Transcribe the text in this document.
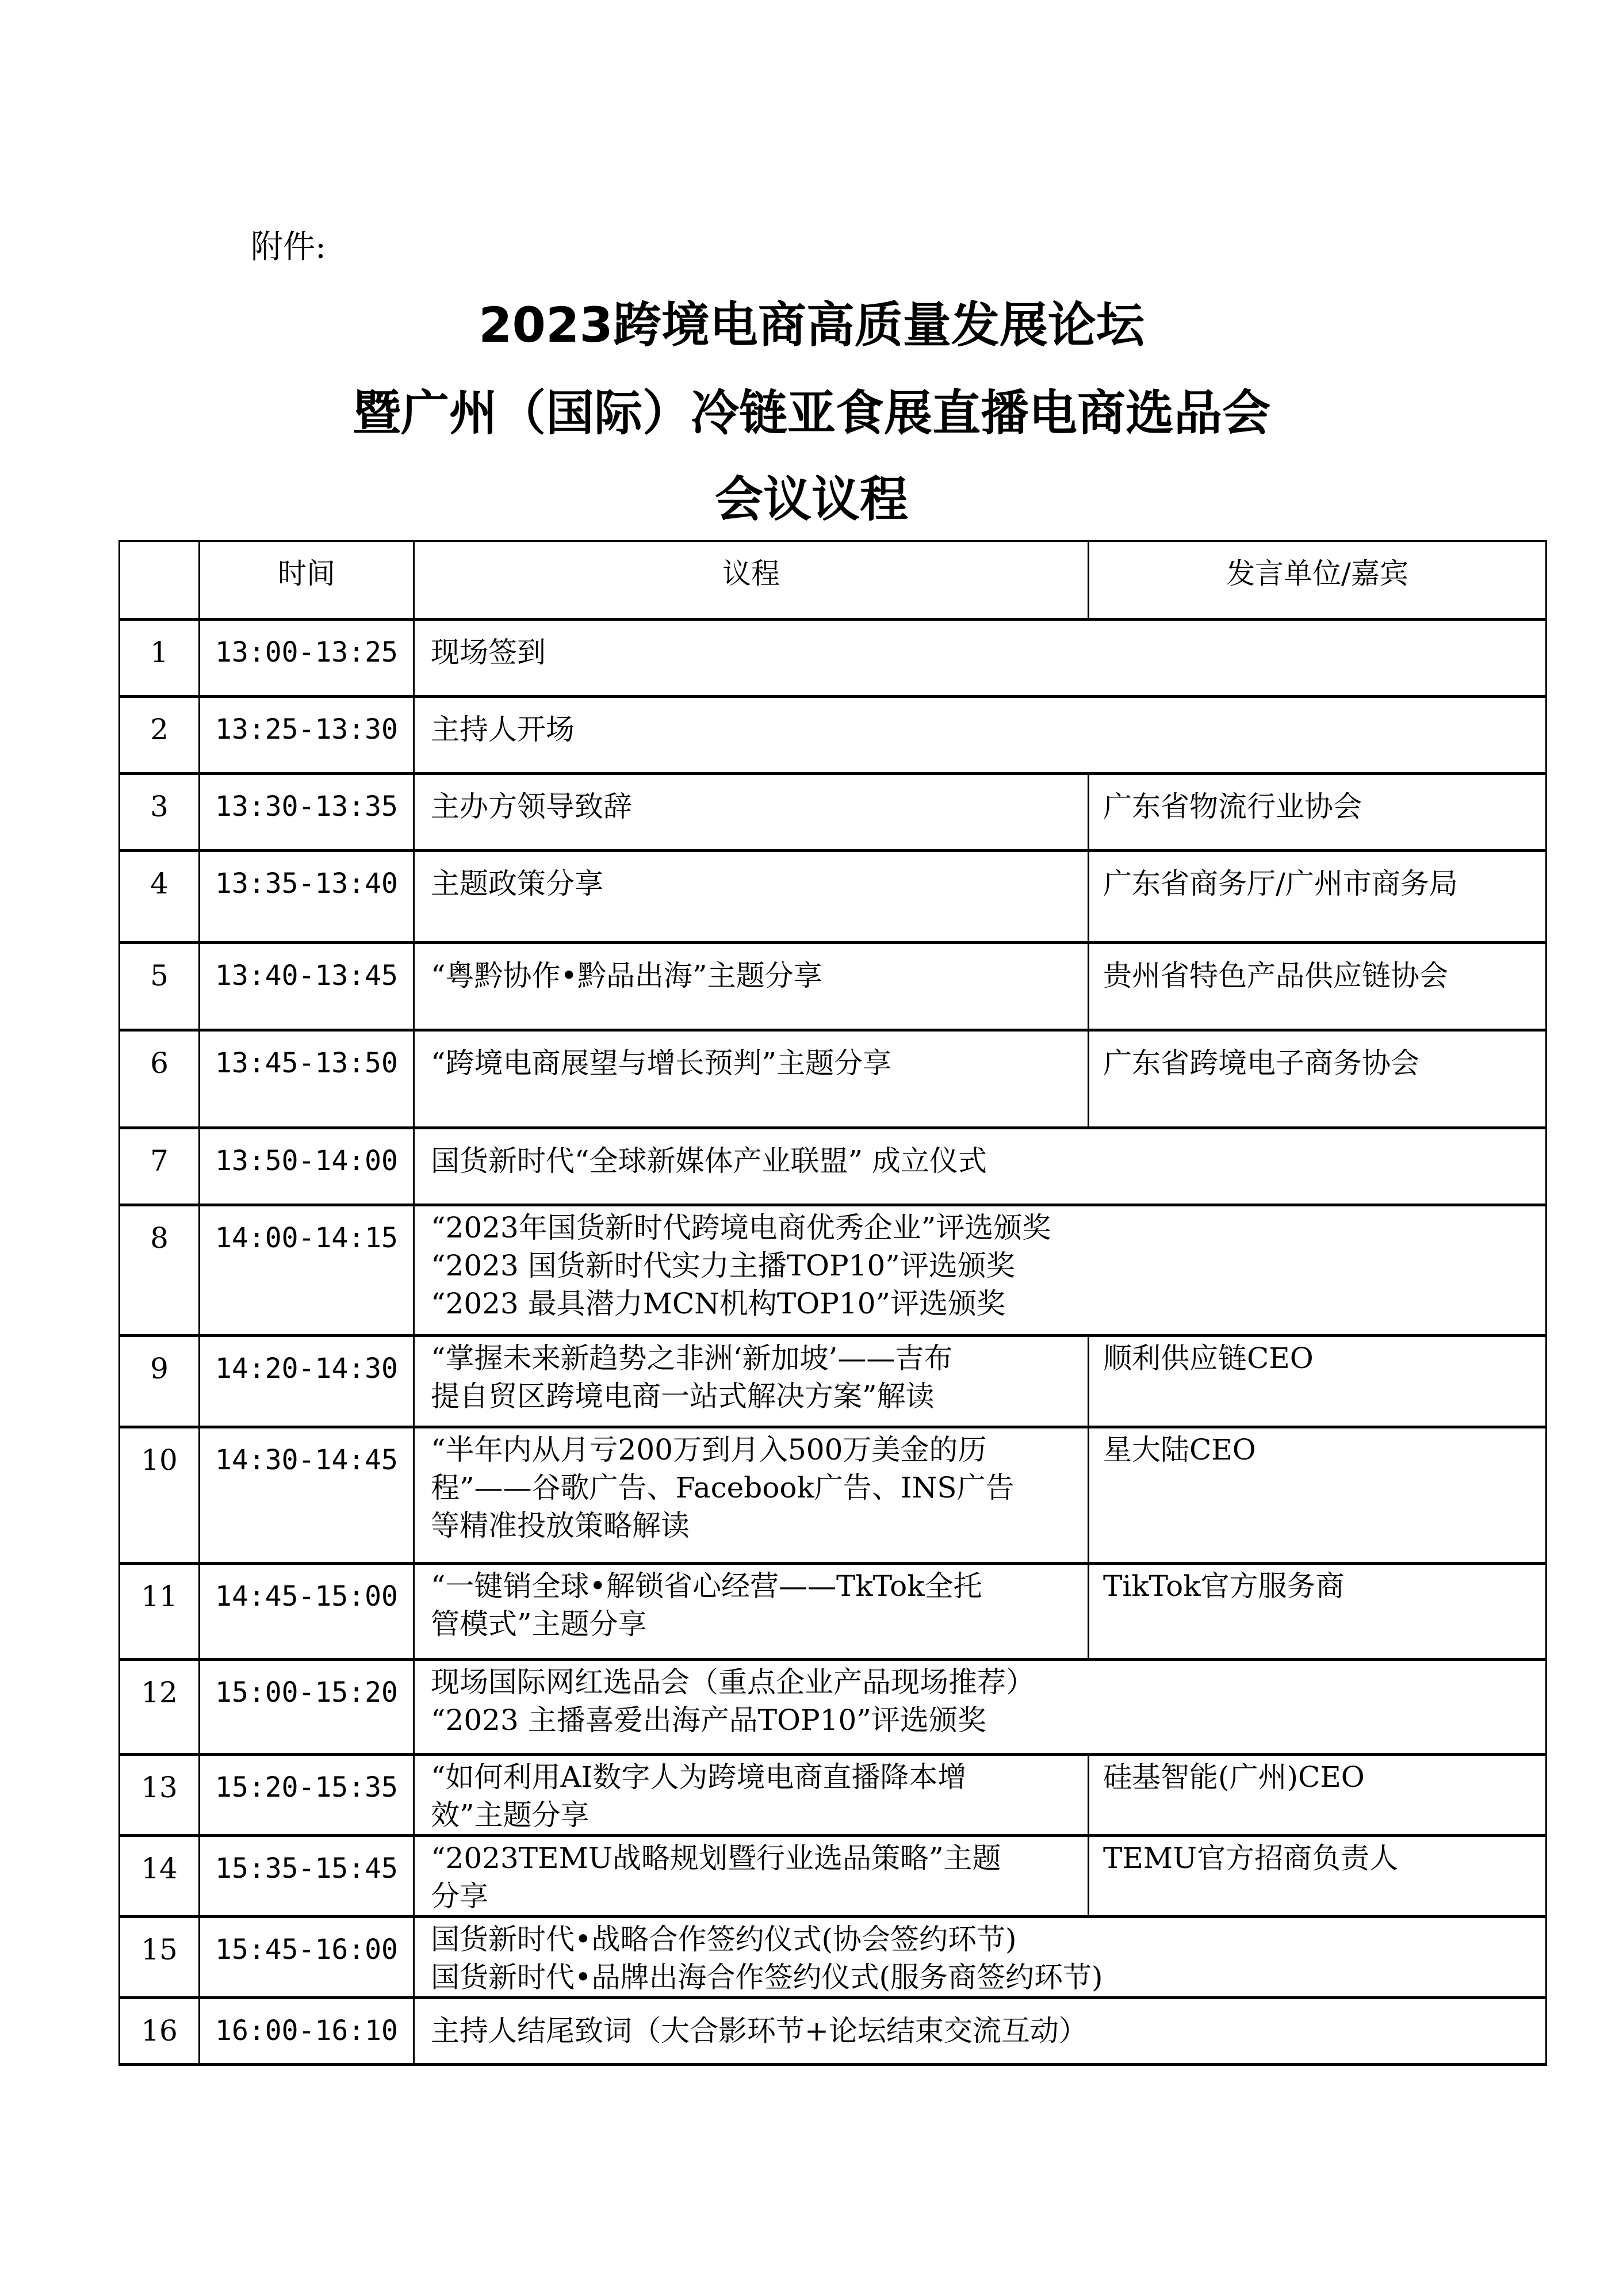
附件:
2023跨境电商高质量发展论坛
暨广州（国际）冷链亚食展直播电商选品会
会议议程

	时间	议程	发言单位/嘉宾

1	13:00-13:25	现场签到	

2	13:25-13:30	主持人开场	

3	13:30-13:35	主办方领导致辞	广东省物流行业协会

4	13:35-13:40	主题政策分享	广东省商务厅/广州市商务局

5	13:40-13:45	“粤黔协作•黔品出海”主题分享	贵州省特色产品供应链协会

6	13:45-13:50	“跨境电商展望与增长预判”主题分享	广东省跨境电子商务协会

7	13:50-14:00	国货新时代“全球新媒体产业联盟” 成立仪式	

8	14:00-14:15	“2023年国货新时代跨境电商优秀企业”评选颁奖
“2023 国货新时代实力主播TOP10”评选颁奖
“2023 最具潜力MCN机构TOP10”评选颁奖	

9	14:20-14:30	“掌握未来新趋势之非洲‘新加坡’——吉布
提自贸区跨境电商一站式解决方案”解读	顺利供应链CEO

10	14:30-14:45	“半年内从月亏200万到月入500万美金的历
程”——谷歌广告、Facebook广告、INS广告
等精准投放策略解读	星大陆CEO

11	14:45-15:00	“一键销全球•解锁省心经营——TkTok全托
管模式”主题分享	TikTok官方服务商

12	15:00-15:20	现场国际网红选品会（重点企业产品现场推荐）
“2023 主播喜爱出海产品TOP10”评选颁奖	

13	15:20-15:35	“如何利用AI数字人为跨境电商直播降本增
效”主题分享	硅基智能(广州)CEO

14	15:35-15:45	“2023TEMU战略规划暨行业选品策略”主题
分享	TEMU官方招商负责人

15	15:45-16:00	国货新时代•战略合作签约仪式(协会签约环节)
国货新时代•品牌出海合作签约仪式(服务商签约环节)	

16	16:00-16:10	主持人结尾致词（大合影环节+论坛结束交流互动）	
